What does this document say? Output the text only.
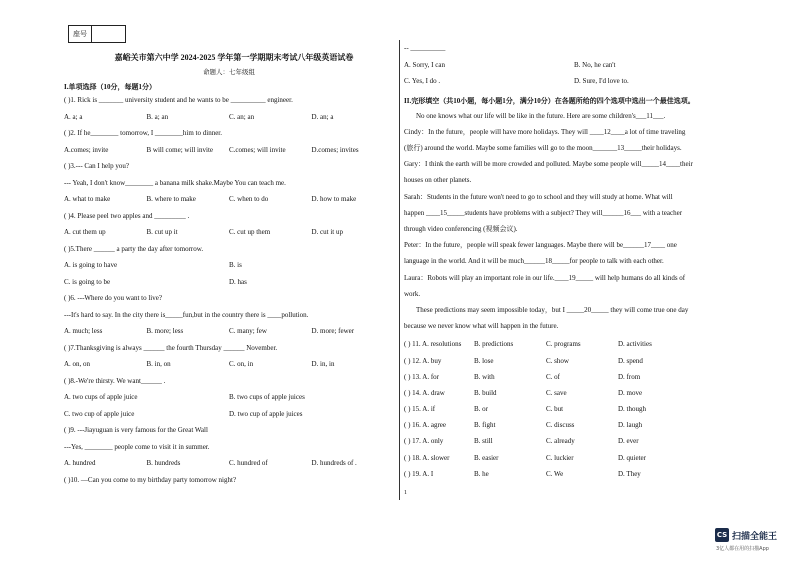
座号
嘉峪关市第六中学 2024-2025 学年第一学期期末考试八年级英语试卷
命题人：七年级组
I.单项选择（10分，每题1分）
( )1. Rick is _______ university student and he wants to be __________ engineer.
A. a; a	B. a; an	C. an; an	D. an; a
( )2. If he________ tomorrow, I ________him to dinner.
A.comes; invite	B will come; will invite	C.comes; will invite	D.comes; invites
( )3.--- Can I help you?
--- Yeah, I don't know________ a banana milk shake.Maybe You can teach me.
A. what to make	B. where to make	C. when to do	D. how to make
( )4. Please peel two apples and _________ .
A. cut them up	B. cut up it	C. cut up them	D. cut it up
( )5.There ______ a party the day after tomorrow.
A. is going to have	B. is
C. is going to be	D. has
( )6. ---Where do you want to live?
---It's hard to say. In the city there is_____fun,but in the country there is ____pollution.
A. much; less	B. more; less	C. many; few	D. more; fewer
( )7.Thanksgiving is always ______ the fourth Thursday ______ November.
A. on, on	B. in, on	C. on, in	D. in, in
( )8.-We're thirsty. We want______ .
A. two cups of apple juice	B. two cups of apple juices
C. two cup of apple juice	D. two cup of apple juices
( )9. ---Jiayuguan is very famous for the Great Wall
---Yes, ________ people come to visit it in summer.
A. hundred	B. hundreds	C. hundred of	D. hundreds of .
( )10. —Can you come to my birthday party tomorrow night?
-- __________
A. Sorry, I can	B. No, he can't
C. Yes, I do .	D. Sure, I'd love to.
II.完形填空（共10小题，每小题1分，满分10分）在各题所给的四个选项中选出一个最佳选项。
No one knows what our life will be like in the future. Here are some children's___11___.
Cindy：In the future，people will have more holidays. They will ____12____a lot of time traveling
(旅行) around the world. Maybe some families will go to the moon_______13_____their holidays.
Gary：I think the earth will be more crowded and polluted. Maybe some people will_____14____their
houses on other planets.
Sarah：Students in the future won't need to go to school and they will study at home. What will
happen ____15_____students have problems with a subject? They will______16___ with a teacher
through video conferencing (视频会议).
Peter：In the future，people will speak fewer languages. Maybe there will be______17____ one
language in the world. And it will be much______18_____for people to talk with each other.
Laura：Robots will play an important role in our life.____19_____ will help humans do all kinds of
work.
These predictions may seem impossible today，but I _____20_____ they will come true one day
because we never know what will happen in the future.
( ) 11. A. resolutions	B. predictions	C. programs	D. activities
( ) 12. A. buy	B. lose	C. show	D. spend
( ) 13. A. for	B. with	C. of	D. from
( ) 14. A. draw	B. build	C. save	D. move
( ) 15. A. if	B. or	C. but	D. though
( ) 16. A. agree	B. fight	C. discuss	D. laugh
( ) 17. A. only	B. still	C. already	D. ever
( ) 18. A. slower	B. easier	C. luckier	D. quieter
( ) 19. A. I	B. he	C. We	D. They
1
CS 扫描全能王
3亿人都在用的扫描App
